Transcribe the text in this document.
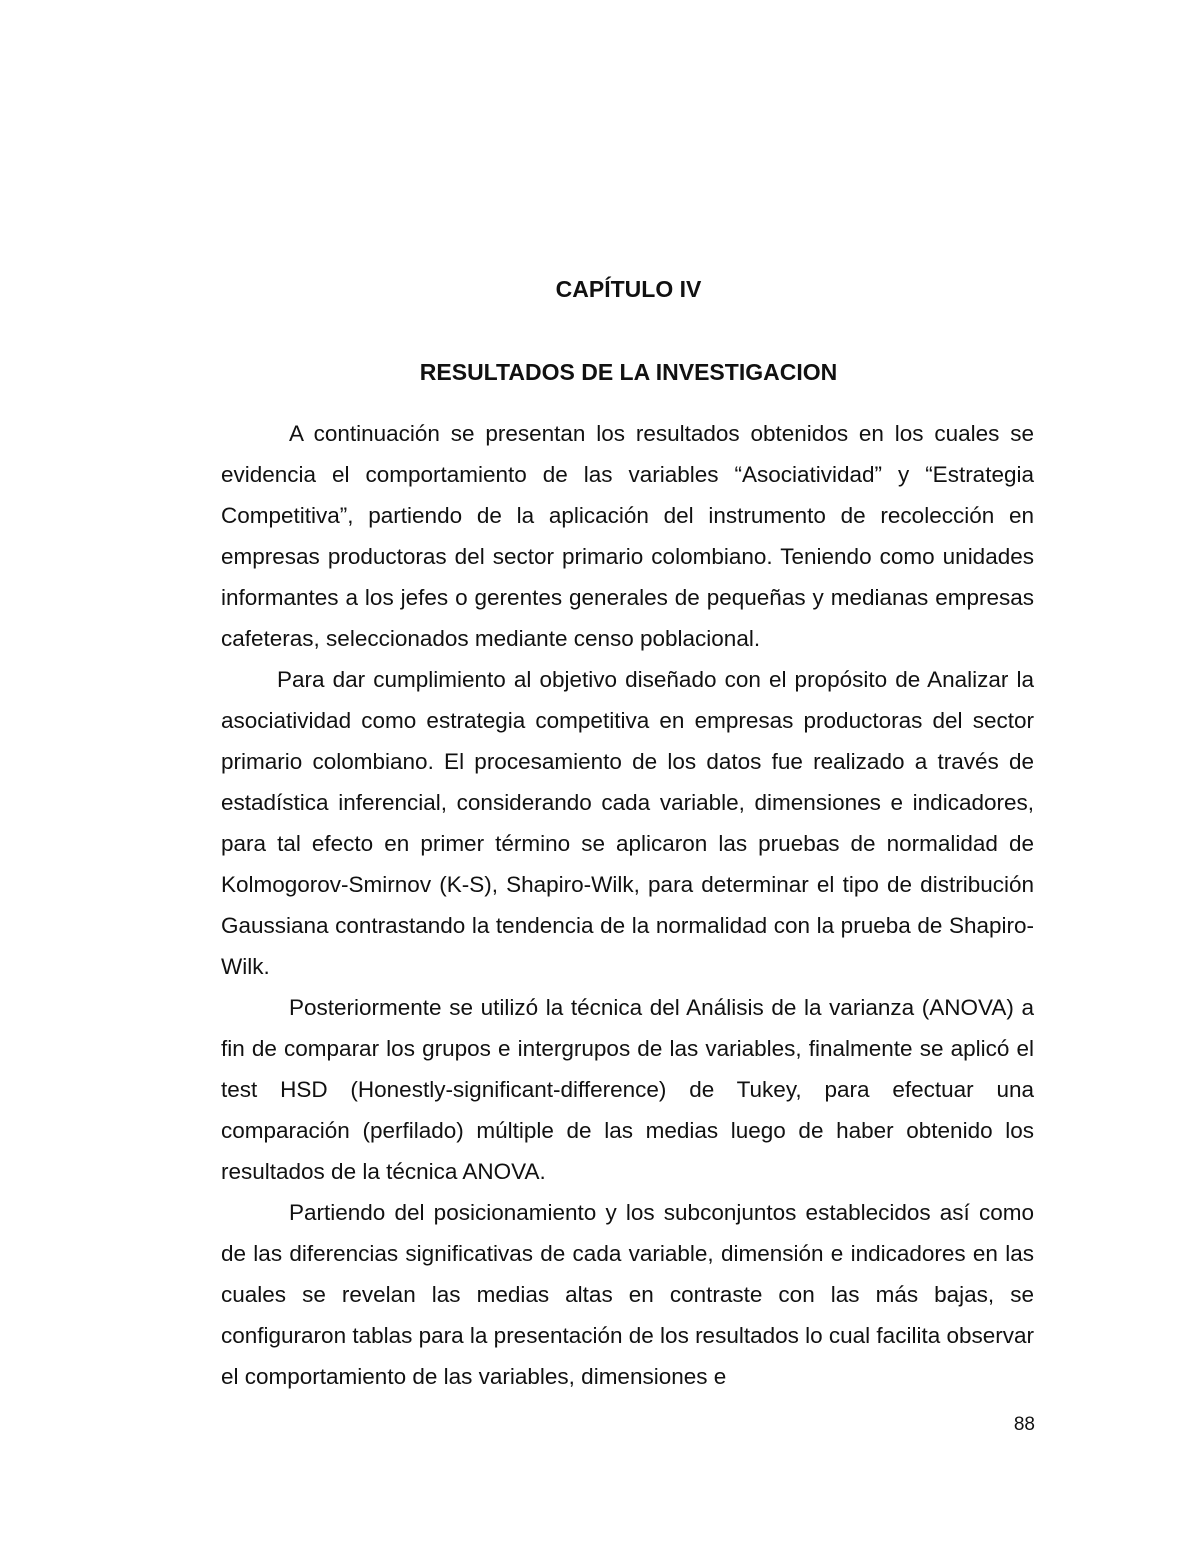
CAPÍTULO IV
RESULTADOS DE LA INVESTIGACION

A continuación se presentan los resultados obtenidos en los cuales se evidencia el comportamiento de las variables “Asociatividad” y “Estrategia Competitiva”, partiendo de la aplicación del instrumento de recolección en empresas productoras del sector primario colombiano. Teniendo como unidades informantes a los jefes o gerentes generales de pequeñas y medianas empresas cafeteras, seleccionados mediante censo poblacional.

Para dar cumplimiento al objetivo diseñado con el propósito de Analizar la asociatividad como estrategia competitiva en empresas productoras del sector primario colombiano. El procesamiento de los datos fue realizado a través de estadística inferencial, considerando cada variable, dimensiones e indicadores, para tal efecto en primer término se aplicaron las pruebas de normalidad de Kolmogorov-Smirnov (K-S), Shapiro-Wilk, para determinar el tipo de distribución Gaussiana contrastando la tendencia de la normalidad con la prueba de Shapiro-Wilk.

Posteriormente se utilizó la técnica del Análisis de la varianza (ANOVA) a fin de comparar los grupos e intergrupos de las variables, finalmente se aplicó el test HSD (Honestly-significant-difference) de Tukey, para efectuar una comparación (perfilado) múltiple de las medias luego de haber obtenido los resultados de la técnica ANOVA.

Partiendo del posicionamiento y los subconjuntos establecidos así como de las diferencias significativas de cada variable, dimensión e indicadores en las cuales se revelan las medias altas en contraste con las más bajas, se configuraron tablas para la presentación de los resultados lo cual facilita observar el comportamiento de las variables, dimensiones e

88
